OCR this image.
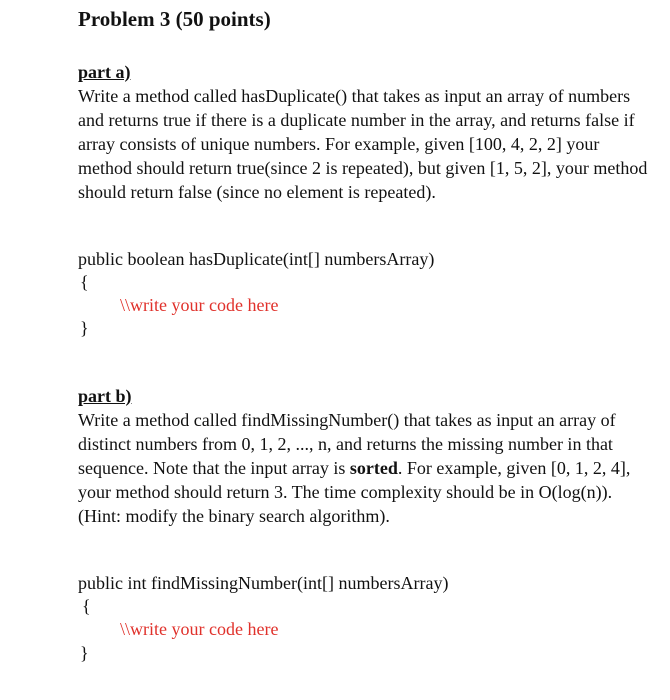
Problem 3 (50 points)
part a)
Write a method called hasDuplicate() that takes as input an array of numbers and returns true if there is a duplicate number in the array, and returns false if array consists of unique numbers. For example, given [100, 4, 2, 2] your method should return true(since 2 is repeated), but given [1, 5, 2], your method should return false (since no element is repeated).
public boolean hasDuplicate(int[] numbersArray)
{
\\write your code here
}
part b)
Write a method called findMissingNumber() that takes as input an array of distinct numbers from 0, 1, 2, ..., n, and returns the missing number in that sequence. Note that the input array is sorted. For example, given [0, 1, 2, 4], your method should return 3. The time complexity should be in O(log(n)). (Hint: modify the binary search algorithm).
public int findMissingNumber(int[] numbersArray)
{
\\write your code here
}
